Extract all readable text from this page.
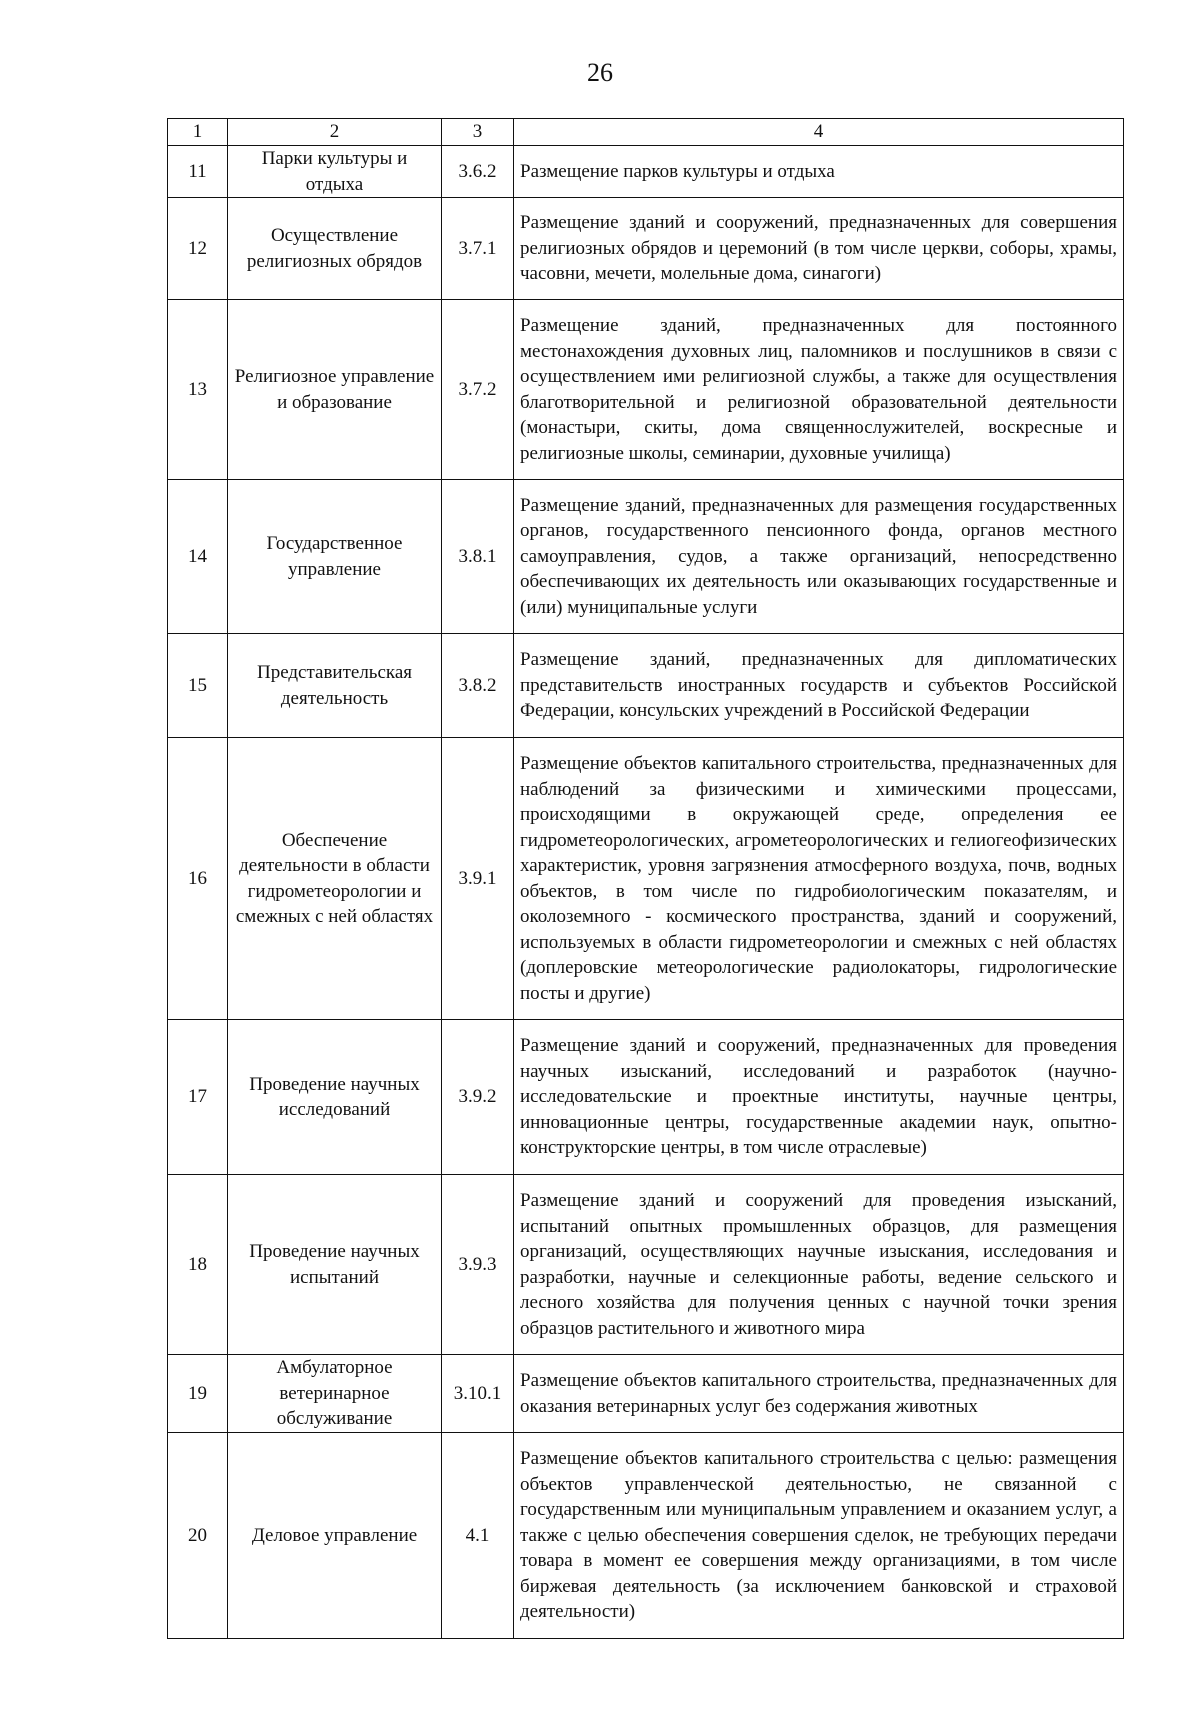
26
1	2	3	4
11	Парки культуры и отдыха	3.6.2	Размещение парков культуры и отдыха
12	Осуществление религиозных обрядов	3.7.1	Размещение зданий и сооружений, предназначенных для совершения религиозных обрядов и церемоний (в том числе церкви, соборы, храмы, часовни, мечети, молельные дома, синагоги)
13	Религиозное управление и образование	3.7.2	Размещение зданий, предназначенных для постоянного местонахождения духовных лиц, паломников и послушников в связи с осуществлением ими религиозной службы, а также для осуществления благотворительной и религиозной образовательной деятельности (монастыри, скиты, дома священнослужителей, воскресные и религиозные школы, семинарии, духовные училища)
14	Государственное управление	3.8.1	Размещение зданий, предназначенных для размещения государственных органов, государственного пенсионного фонда, органов местного самоуправления, судов, а также организаций, непосредственно обеспечивающих их деятельность или оказывающих государственные и (или) муниципальные услуги
15	Представительская деятельность	3.8.2	Размещение зданий, предназначенных для дипломатических представительств иностранных государств и субъектов Российской Федерации, консульских учреждений в Российской Федерации
16	Обеспечение деятельности в области гидрометеорологии и смежных с ней областях	3.9.1	Размещение объектов капитального строительства, предназначенных для наблюдений за физическими и химическими процессами, происходящими в окружающей среде, определения ее гидрометеорологических, агрометеорологических и гелиогеофизических характеристик, уровня загрязнения атмосферного воздуха, почв, водных объектов, в том числе по гидробиологическим показателям, и околоземного - космического пространства, зданий и сооружений, используемых в области гидрометеорологии и смежных с ней областях (доплеровские метеорологические радиолокаторы, гидрологические посты и другие)
17	Проведение научных исследований	3.9.2	Размещение зданий и сооружений, предназначенных для проведения научных изысканий, исследований и разработок (научно-исследовательские и проектные институты, научные центры, инновационные центры, государственные академии наук, опытно-конструкторские центры, в том числе отраслевые)
18	Проведение научных испытаний	3.9.3	Размещение зданий и сооружений для проведения изысканий, испытаний опытных промышленных образцов, для размещения организаций, осуществляющих научные изыскания, исследования и разработки, научные и селекционные работы, ведение сельского и лесного хозяйства для получения ценных с научной точки зрения образцов растительного и животного мира
19	Амбулаторное ветеринарное обслуживание	3.10.1	Размещение объектов капитального строительства, предназначенных для оказания ветеринарных услуг без содержания животных
20	Деловое управление	4.1	Размещение объектов капитального строительства с целью: размещения объектов управленческой деятельностью, не связанной с государственным или муниципальным управлением и оказанием услуг, а также с целью обеспечения совершения сделок, не требующих передачи товара в момент ее совершения между организациями, в том числе биржевая деятельность (за исключением банковской и страховой деятельности)
